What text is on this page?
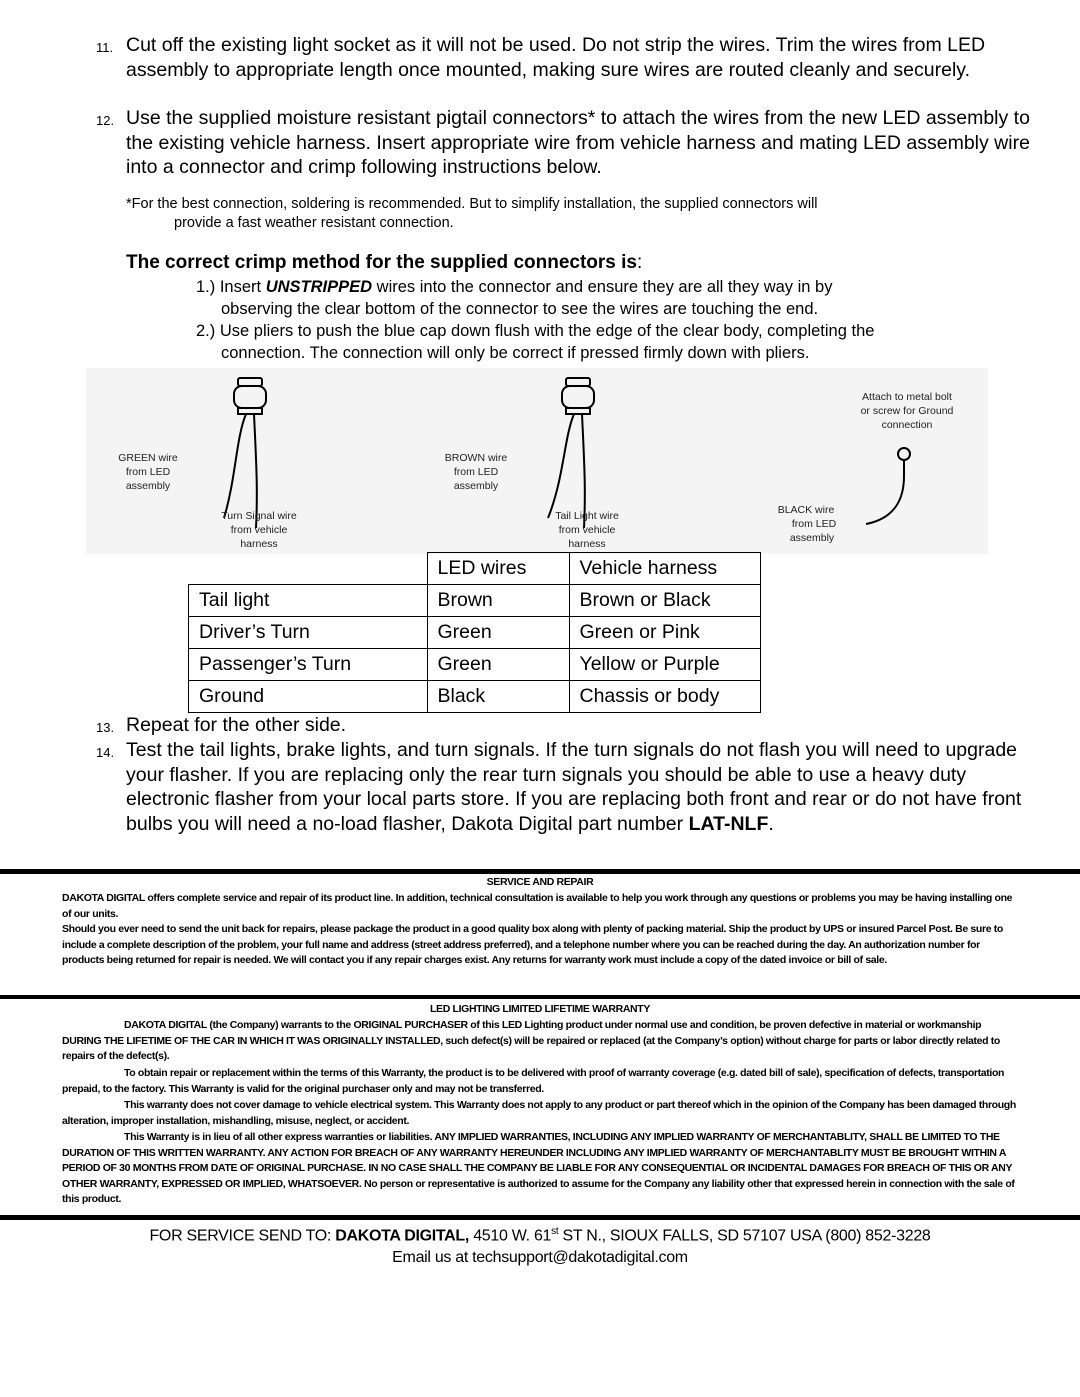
11. Cut off the existing light socket as it will not be used. Do not strip the wires. Trim the wires from LED assembly to appropriate length once mounted, making sure wires are routed cleanly and securely.
12. Use the supplied moisture resistant pigtail connectors* to attach the wires from the new LED assembly to the existing vehicle harness. Insert appropriate wire from vehicle harness and mating LED assembly wire into a connector and crimp following instructions below.
*For the best connection, soldering is recommended. But to simplify installation, the supplied connectors will
provide a fast weather resistant connection.
The correct crimp method for the supplied connectors is:
1.) Insert UNSTRIPPED wires into the connector and ensure they are all they way in by
observing the clear bottom of the connector to see the wires are touching the end.
2.) Use pliers to push the blue cap down flush with the edge of the clear body, completing the
connection. The connection will only be correct if pressed firmly down with pliers.
GREEN wire
from LED
assembly
Turn Signal wire
from vehicle
harness
BROWN wire
from LED
assembly
Tail Light wire
from vehicle
harness
Attach to metal bolt
or screw for Ground
connection
BLACK wire
from LED
assembly
	LED wires	Vehicle harness
Tail light	Brown	Brown or Black
Driver’s Turn	Green	Green or Pink
Passenger’s Turn	Green	Yellow or Purple
Ground	Black	Chassis or body
13. Repeat for the other side.
14. Test the tail lights, brake lights, and turn signals. If the turn signals do not flash you will need to upgrade your flasher. If you are replacing only the rear turn signals you should be able to use a heavy duty electronic flasher from your local parts store. If you are replacing both front and rear or do not have front bulbs you will need a no-load flasher, Dakota Digital part number LAT-NLF.
SERVICE AND REPAIR
DAKOTA DIGITAL offers complete service and repair of its product line. In addition, technical consultation is available to help you work through any questions or problems you may be having installing one of our units.
Should you ever need to send the unit back for repairs, please package the product in a good quality box along with plenty of packing material. Ship the product by UPS or insured Parcel Post. Be sure to include a complete description of the problem, your full name and address (street address preferred), and a telephone number where you can be reached during the day. An authorization number for products being returned for repair is needed. We will contact you if any repair charges exist. Any returns for warranty work must include a copy of the dated invoice or bill of sale.
LED LIGHTING LIMITED LIFETIME WARRANTY
DAKOTA DIGITAL (the Company) warrants to the ORIGINAL PURCHASER of this LED Lighting product under normal use and condition, be proven defective in material or workmanship DURING THE LIFETIME OF THE CAR IN WHICH IT WAS ORIGINALLY INSTALLED, such defect(s) will be repaired or replaced (at the Company’s option) without charge for parts or labor directly related to repairs of the defect(s).
To obtain repair or replacement within the terms of this Warranty, the product is to be delivered with proof of warranty coverage (e.g. dated bill of sale), specification of defects, transportation prepaid, to the factory. This Warranty is valid for the original purchaser only and may not be transferred.
This warranty does not cover damage to vehicle electrical system. This Warranty does not apply to any product or part thereof which in the opinion of the Company has been damaged through alteration, improper installation, mishandling, misuse, neglect, or accident.
This Warranty is in lieu of all other express warranties or liabilities. ANY IMPLIED WARRANTIES, INCLUDING ANY IMPLIED WARRANTY OF MERCHANTABLITY, SHALL BE LIMITED TO THE DURATION OF THIS WRITTEN WARRANTY. ANY ACTION FOR BREACH OF ANY WARRANTY HEREUNDER INCLUDING ANY IMPLIED WARRANTY OF MERCHANTABLITY MUST BE BROUGHT WITHIN A PERIOD OF 30 MONTHS FROM DATE OF ORIGINAL PURCHASE. IN NO CASE SHALL THE COMPANY BE LIABLE FOR ANY CONSEQUENTIAL OR INCIDENTAL DAMAGES FOR BREACH OF THIS OR ANY OTHER WARRANTY, EXPRESSED OR IMPLIED, WHATSOEVER. No person or representative is authorized to assume for the Company any liability other that expressed herein in connection with the sale of this product.
FOR SERVICE SEND TO: DAKOTA DIGITAL, 4510 W. 61st ST N., SIOUX FALLS, SD 57107 USA (800) 852-3228
Email us at techsupport@dakotadigital.com
